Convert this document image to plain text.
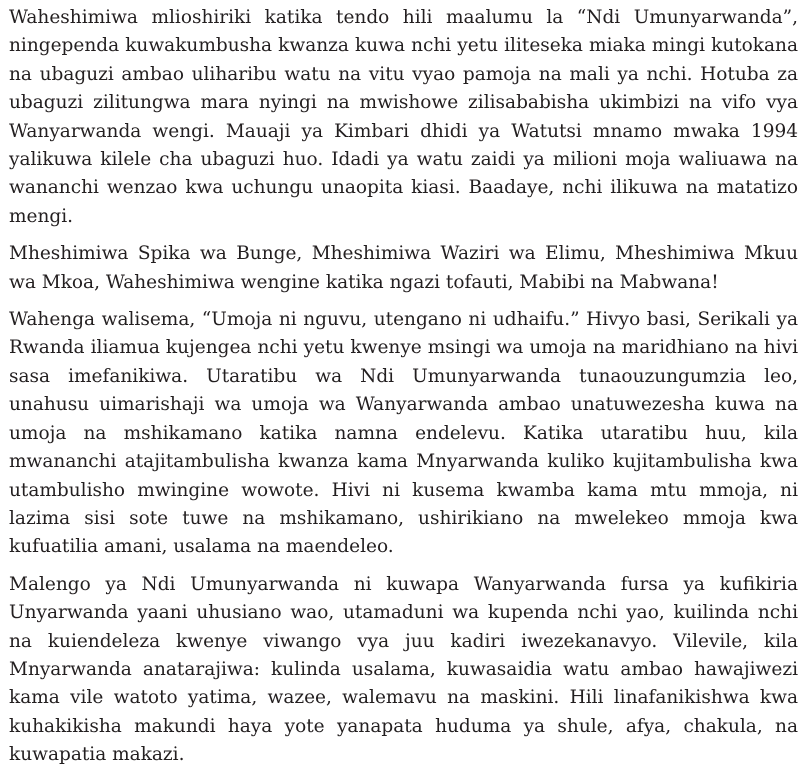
Waheshimiwa mlioshiriki katika tendo hili maalumu la “Ndi Umunyarwanda”, ningependa kuwakumbusha kwanza kuwa nchi yetu iliteseka miaka mingi kutokana na ubaguzi ambao uliharibu watu na vitu vyao pamoja na mali ya nchi. Hotuba za ubaguzi zilitungwa mara nyingi na mwishowe zilisababisha ukimbizi na vifo vya Wanyarwanda wengi. Mauaji ya Kimbari dhidi ya Watutsi mnamo mwaka 1994 yalikuwa kilele cha ubaguzi huo. Idadi ya watu zaidi ya milioni moja waliuawa na wananchi wenzao kwa uchungu unaopita kiasi. Baadaye, nchi ilikuwa na matatizo mengi.

Mheshimiwa Spika wa Bunge, Mheshimiwa Waziri wa Elimu, Mheshimiwa Mkuu wa Mkoa, Waheshimiwa wengine katika ngazi tofauti, Mabibi na Mabwana!

Wahenga walisema, “Umoja ni nguvu, utengano ni udhaifu.” Hivyo basi, Serikali ya Rwanda iliamua kujengea nchi yetu kwenye msingi wa umoja na maridhiano na hivi sasa imefanikiwa. Utaratibu wa Ndi Umunyarwanda tunaouzungumzia leo, unahusu uimarishaji wa umoja wa Wanyarwanda ambao unatuwezesha kuwa na umoja na mshikamano katika namna endelevu. Katika utaratibu huu, kila mwananchi atajitambulisha kwanza kama Mnyarwanda kuliko kujitambulisha kwa utambulisho mwingine wowote. Hivi ni kusema kwamba kama mtu mmoja, ni lazima sisi sote tuwe na mshikamano, ushirikiano na mwelekeo mmoja kwa kufuatilia amani, usalama na maendeleo.

Malengo ya Ndi Umunyarwanda ni kuwapa Wanyarwanda fursa ya kufikiria Unyarwanda yaani uhusiano wao, utamaduni wa kupenda nchi yao, kuilinda nchi na kuiendeleza kwenye viwango vya juu kadiri iwezekanavyo. Vilevile, kila Mnyarwanda anatarajiwa: kulinda usalama, kuwasaidia watu ambao hawajiwezi kama vile watoto yatima, wazee, walemavu na maskini. Hili linafanikishwa kwa kuhakikisha makundi haya yote yanapata huduma ya shule, afya, chakula, na kuwapatia makazi.
